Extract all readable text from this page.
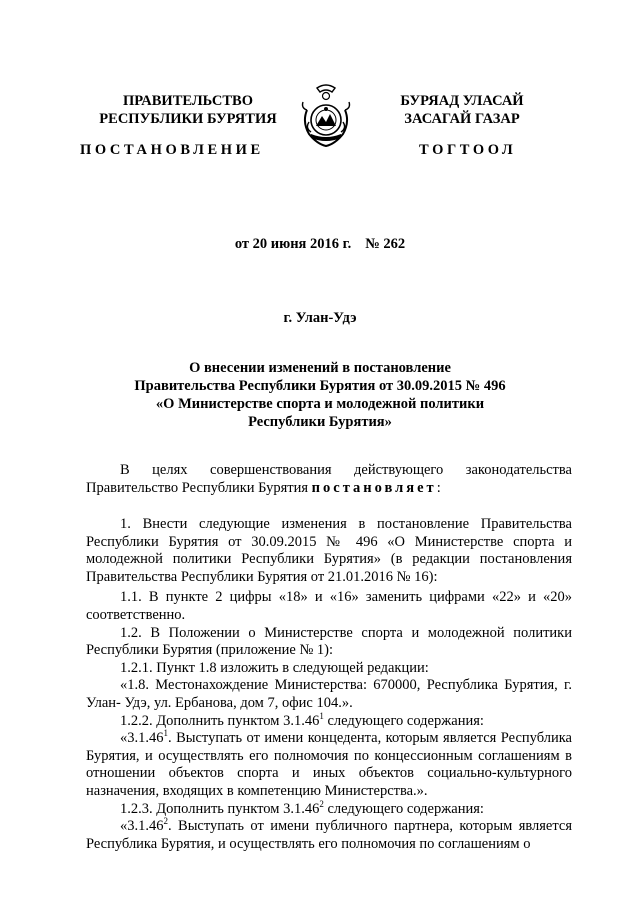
ПРАВИТЕЛЬСТВО
РЕСПУБЛИКИ БУРЯТИЯ
ПОСТАНОВЛЕНИЕ
БУРЯАД УЛАСАЙ
ЗАСАГАЙ ГАЗАР
ТОГТООЛ
от 20 июня 2016 г. № 262
г. Улан-Удэ
О внесении изменений в постановление
Правительства Республики Бурятия от 30.09.2015 № 496
«О Министерстве спорта и молодежной политики
Республики Бурятия»

В целях совершенствования действующего законодательства Правительство Республики Бурятия постановляет:

1. Внести следующие изменения в постановление Правительства Республики Бурятия от 30.09.2015 № 496 «О Министерстве спорта и молодежной политики Республики Бурятия» (в редакции постановления Правительства Республики Бурятия от 21.01.2016 № 16):

1.1. В пункте 2 цифры «18» и «16» заменить цифрами «22» и «20» соответственно.

1.2. В Положении о Министерстве спорта и молодежной политики Республики Бурятия (приложение № 1):

1.2.1. Пункт 1.8 изложить в следующей редакции:

«1.8. Местонахождение Министерства: 670000, Республика Бурятия, г. Улан- Удэ, ул. Ербанова, дом 7, офис 104.».

1.2.2. Дополнить пунктом 3.1.46$^1$ следующего содержания:

«3.1.46$^1$. Выступать от имени концедента, которым является Республика Бурятия, и осуществлять его полномочия по концессионным соглашениям в отношении объектов спорта и иных объектов социально-культурного назначения, входящих в компетенцию Министерства.».

1.2.3. Дополнить пунктом 3.1.46$^2$ следующего содержания:

«3.1.46$^2$. Выступать от имени публичного партнера, которым является Республика Бурятия, и осуществлять его полномочия по соглашениям о
